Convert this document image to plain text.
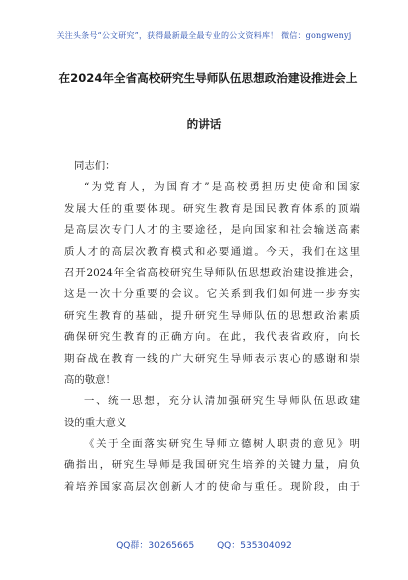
关注头条号“公文研究”，获得最新最全最专业的公文资料库！ 微信：gongwenyj
在2024年全省高校研究生导师队伍思想政治建设推进会上
的讲话
同志们：
“为党育人，为国育才”是高校勇担历史使命和国家
发展大任的重要体现。研究生教育是国民教育体系的顶端
是高层次专门人才的主要途径，是向国家和社会输送高素
质人才的高层次教育模式和必要通道。今天，我们在这里
召开2024年全省高校研究生导师队伍思想政治建设推进会，
这是一次十分重要的会议。它关系到我们如何进一步夯实
研究生教育的基础，提升研究生导师队伍的思想政治素质
确保研究生教育的正确方向。在此，我代表省政府，向长
期奋战在教育一线的广大研究生导师表示衷心的感谢和崇
高的敬意！
一、统一思想，充分认清加强研究生导师队伍思政建
设的重大意义
《关于全面落实研究生导师立德树人职责的意见》明
确指出，研究生导师是我国研究生培养的关键力量，肩负
着培养国家高层次创新人才的使命与重任。现阶段，由于
QQ群：30265665	QQ：535304092
